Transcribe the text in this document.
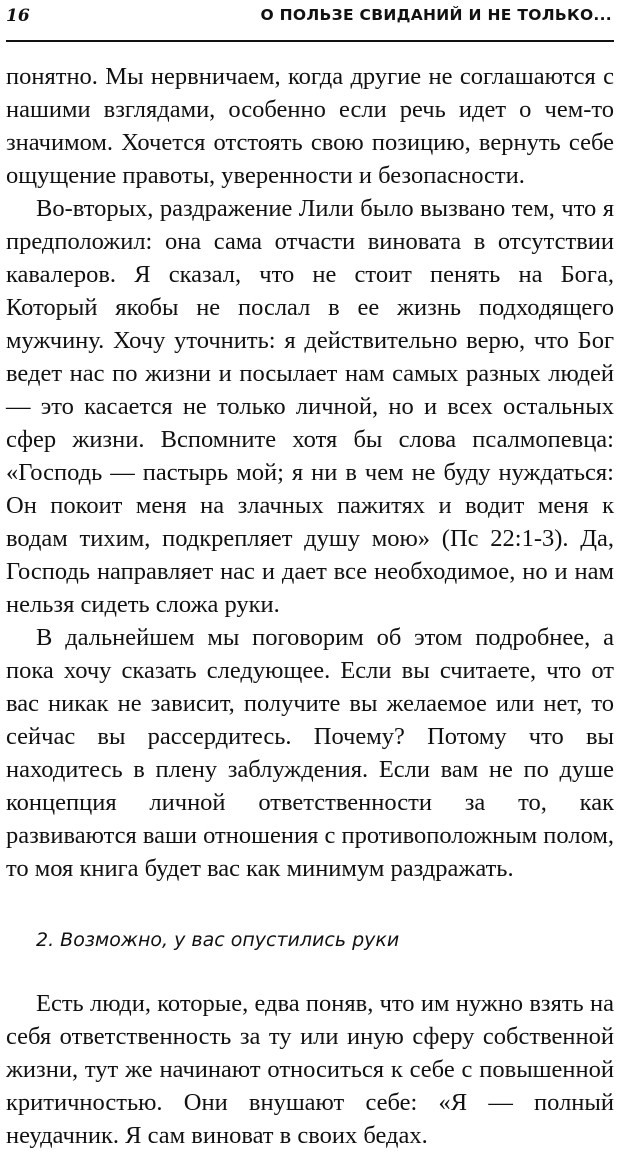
16	О ПОЛЬЗЕ СВИДАНИЙ И НЕ ТОЛЬКО...

понятно. Мы нервничаем, когда другие не соглашаются с нашими взглядами, особенно если речь идет о чем-то значимом. Хочется отстоять свою позицию, вернуть себе ощущение правоты, уверенности и безопасности.

Во-вторых, раздражение Лили было вызвано тем, что я предположил: она сама отчасти виновата в отсутствии кавалеров. Я сказал, что не стоит пенять на Бога, Который якобы не послал в ее жизнь подходящего мужчину. Хочу уточнить: я действительно верю, что Бог ведет нас по жизни и посылает нам самых разных людей — это касается не только личной, но и всех остальных сфер жизни. Вспомните хотя бы слова псалмопевца: «Господь — пастырь мой; я ни в чем не буду нуждаться: Он покоит меня на злачных пажитях и водит меня к водам тихим, подкрепляет душу мою» (Пс 22:1-3). Да, Господь направляет нас и дает все необходимое, но и нам нельзя сидеть сложа руки.

В дальнейшем мы поговорим об этом подробнее, а пока хочу сказать следующее. Если вы считаете, что от вас никак не зависит, получите вы желаемое или нет, то сейчас вы рассердитесь. Почему? Потому что вы находитесь в плену заблуждения. Если вам не по душе концепция личной ответственности за то, как развиваются ваши отношения с противоположным полом, то моя книга будет вас как минимум раздражать.

2. Возможно, у вас опустились руки

Есть люди, которые, едва поняв, что им нужно взять на себя ответственность за ту или иную сферу собственной жизни, тут же начинают относиться к себе с повышенной критичностью. Они внушают себе: «Я — полный неудачник. Я сам виноват в своих бедах.
